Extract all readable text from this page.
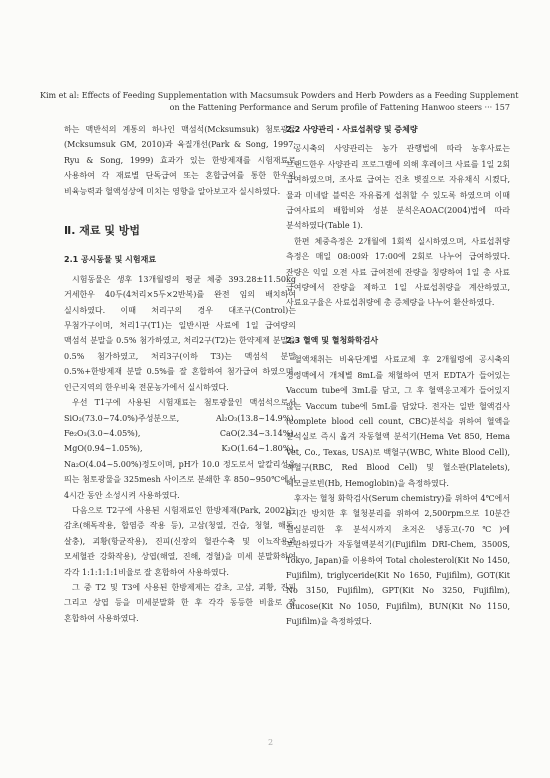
Kim et al: Effects of Feeding Supplementation with Macsumsuk Powders and Herb Powders as a Feeding Supplement
on the Fattening Performance and Serum profile of Fattening Hanwoo steers ··· 157

하는 맥반석의 계통의 하나인 맥섬석(Mcksumsuk) 첨토광물(Mcksumsuk GM, 2010)과 육질개선(Park & Song, 1997; Ryu & Song, 1999) 효과가 있는 한방제재를 시험재료로 사용하여 각 재료별 단독급여 또는 혼합급여를 통한 한우의 비육능력과 혈액성상에 미치는 영향을 알아보고자 실시하였다.

Ⅱ. 재료 및 방법
2.1 공시동물 및 시험재료

시험동물은 생후 13개월령의 평균 체중 393.28±11.50kg 거세한우 40두(4처리×5두×2반복)를 완전 임의 배치하여 실시하였다. 이때 처리구의 경우 대조구(Control)는 무첨가구이며, 처리1구(T1)는 일반시판 사료에 1일 급여량의 맥섬석 분말을 0.5% 첨가하였고, 처리2구(T2)는 한약제제 분말을 0.5% 첨가하였고, 처리3구(이하 T3)는 맥섬석 분말 0.5%+한방제재 분말 0.5%를 잘 혼합하여 첨가급여 하였으며, 인근지역의 한우비육 전문농가에서 실시하였다.

우선 T1구에 사용된 시험재료는 첨토광물인 맥섬석으로서 SiO₂(73.0~74.0%)주성분으로, Al₂O₃(13.8~14.9%), Fe₂O₃(3.0~4.05%), CaO(2.34~3.14%), MgO(0.94~1.05%), K₂O(1.64~1.80%), Na₂O(4.04~5.00%)정도이며, pH가 10.0 정도로서 알칼리성을 띄는 첨토광물을 325mesh 사이즈로 분쇄한 후 850~950℃에서 4시간 동안 소성시켜 사용하였다.

다음으로 T2구에 사용된 시험재료인 한방제재(Park, 2002)는 감초(해독작용, 합염증 작용 등), 고삼(청열, 건습, 청혈, 해독, 살충), 괴황(항균작용), 진피(신장의 혈관수축 및 이뇨작용과 모세혈관 강화작용), 상엽(해열, 진해, 경혈)을 미세 분말화하여 각각 1:1:1:1:1비율로 잘 혼합하여 사용하였다.

그 중 T2 및 T3에 사용된 한방제제는 감초, 고삼, 괴황, 진피 그리고 상엽 등을 미세분말화 한 후 각각 동등한 비율로 잘 혼합하여 사용하였다.

2.2 사양관리 · 사료섭취량 및 증체량

공시축의 사양관리는 농가 관행법에 따라 농후사료는 브랜드한우 사양관리 프로그램에 의해 후레이크 사료를 1일 2회 급여하였으며, 조사료 급여는 건초 볏짚으로 자유채식 시켰다, 물과 미네랄 블럭은 자유롭게 섭취할 수 있도록 하였으며 이때 급여사료의 배합비와 성분 분석은AOAC(2004)법에 따라 분석하였다(Table 1).

한편 체중측정은 2개월에 1회씩 실시하였으며, 사료섭취량 측정은 매일 08:00와 17:00에 2회로 나누어 급여하였다. 잔량은 익일 오전 사료 급여전에 잔량을 칭량하여 1일 총 사료 급여량에서 잔량을 제하고 1일 사료섭취량을 계산하였고, 사료요구율은 사료섭취량에 총 증체량을 나누어 환산하였다.

2.3 혈액 및 혈청화학검사

혈액채취는 비육단계별 사료교체 후 2개월령에 공시축의 경정맥에서 개체별 8mL를 채혈하여 면저 EDTA가 들어있는 Vaccum tube에 3mL를 담고, 그 후 혈액응고제가 들어있지 않는 Vaccum tube에 5mL를 담았다. 전자는 일반 혈액검사(complete blood cell count, CBC)분석을 위하여 혈액을 분석실로 즉시 옮겨 자동혈액 분석기(Hema Vet 850, Hema Vet, Co., Texas, USA)로 백혈구(WBC, White Blood Cell), 적혈구(RBC, Red Blood Cell) 및 혈소판(Platelets), 헤모글로빈(Hb, Hemoglobin)을 측정하였다.

후자는 혈청 화학검사(Serum chemistry)를 위하여 4℃에서 8시간 방치한 후 혈청분리를 위하여 2,500rpm으로 10분간 원심분리한 후 분석시까지 초저온 냉동고(-70℃)에 보관하였다가 자동혈액분석기(Fujifilm DRI-Chem, 3500S, Tokyo, Japan)를 이용하여 Total cholesterol(Kit No 1450, Fujifilm), triglyceride(Kit No 1650, Fujifilm), GOT(Kit No 3150, Fujifilm), GPT(Kit No 3250, Fujifilm), Glucose(Kit No 1050, Fujifilm), BUN(Kit No 1150, Fujifilm)을 측정하였다.

2
